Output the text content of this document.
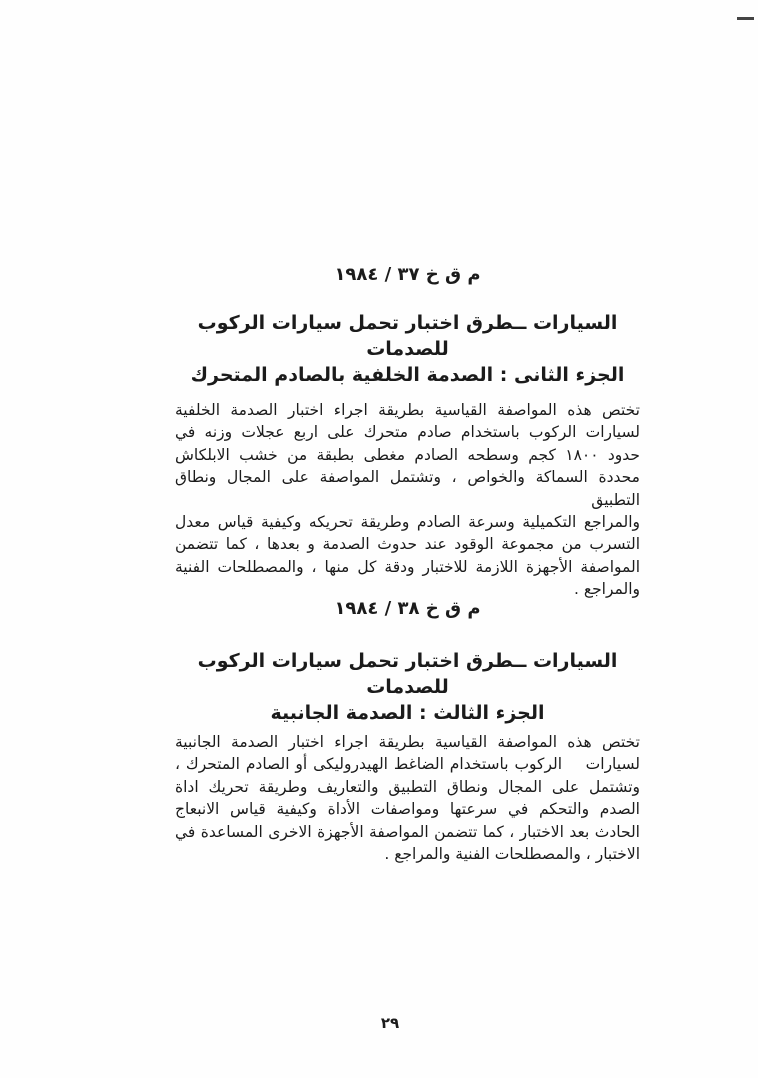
م ق خ ٣٧ / ١٩٨٤
السيارات ــطرق اختبار تحمل سيارات الركوب للصدمات
الجزء الثانى : الصدمة الخلفية بالصادم المتحرك
تختص هذه المواصفة القياسية بطريقة اجراء اختبار الصدمة الخلفية
لسيارات الركوب باستخدام صادم متحرك على اربع عجلات وزنه في
حدود ١٨٠٠ كجم وسطحه الصادم مغطى بطبقة من خشب الابلكاش
محددة السماكة والخواص ، وتشتمل المواصفة على المجال ونطاق التطبيق
والمراجع التكميلية وسرعة الصادم وطريقة تحريكه وكيفية قياس معدل
التسرب من مجموعة الوقود عند حدوث الصدمة و بعدها ، كما تتضمن
المواصفة الأجهزة اللازمة للاختبار ودقة كل منها ، والمصطلحات الفنية
والمراجع .
م ق خ ٣٨ / ١٩٨٤
السيارات ــطرق اختبار تحمل سيارات الركوب للصدمات
الجزء الثالث : الصدمة الجانبية
تختص هذه المواصفة القياسية بطريقة اجراء اختبار الصدمة الجانبية
لسيارات    الركوب باستخدام الضاغط الهيدروليكى أو الصادم المتحرك ،
وتشتمل على المجال ونطاق التطبيق والتعاريف وطريقة تحريك اداة
الصدم والتحكم في سرعتها ومواصفات الأداة وكيفية قياس الانبعاج
الحادث بعد الاختبار ، كما تتضمن المواصفة الأجهزة الاخرى المساعدة في
الاختبار ، والمصطلحات الفنية والمراجع .
٢٩
